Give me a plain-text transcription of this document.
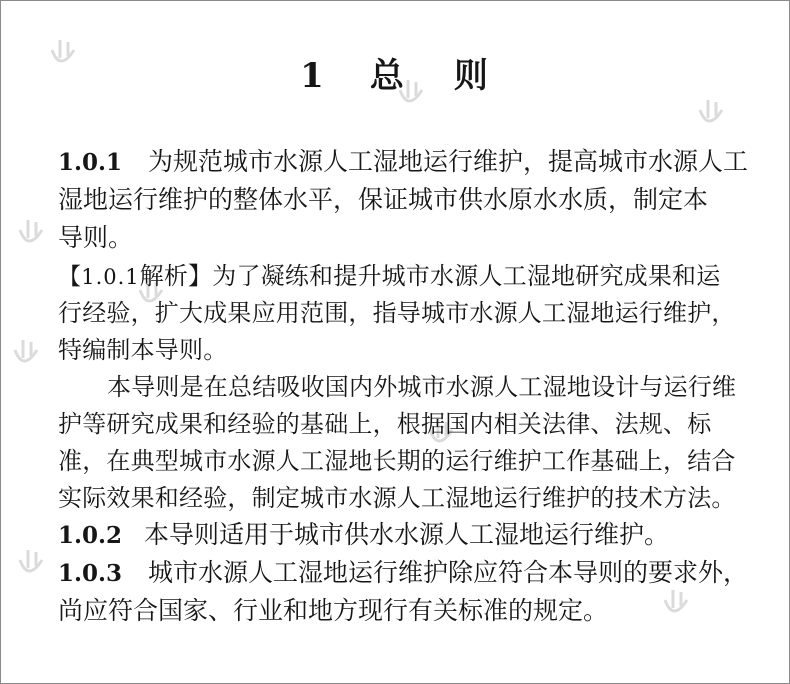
1 总 则

1.0.1 为规范城市水源人工湿地运行维护，提高城市水源人工

湿地运行维护的整体水平，保证城市供水原水水质，制定本

导则。

【1.0.1解析】为了凝练和提升城市水源人工湿地研究成果和运

行经验，扩大成果应用范围，指导城市水源人工湿地运行维护，

特编制本导则。

本导则是在总结吸收国内外城市水源人工湿地设计与运行维

护等研究成果和经验的基础上，根据国内相关法律、法规、标

准，在典型城市水源人工湿地长期的运行维护工作基础上，结合

实际效果和经验，制定城市水源人工湿地运行维护的技术方法。

1.0.2 本导则适用于城市供水水源人工湿地运行维护。

1.0.3 城市水源人工湿地运行维护除应符合本导则的要求外，

尚应符合国家、行业和地方现行有关标准的规定。
